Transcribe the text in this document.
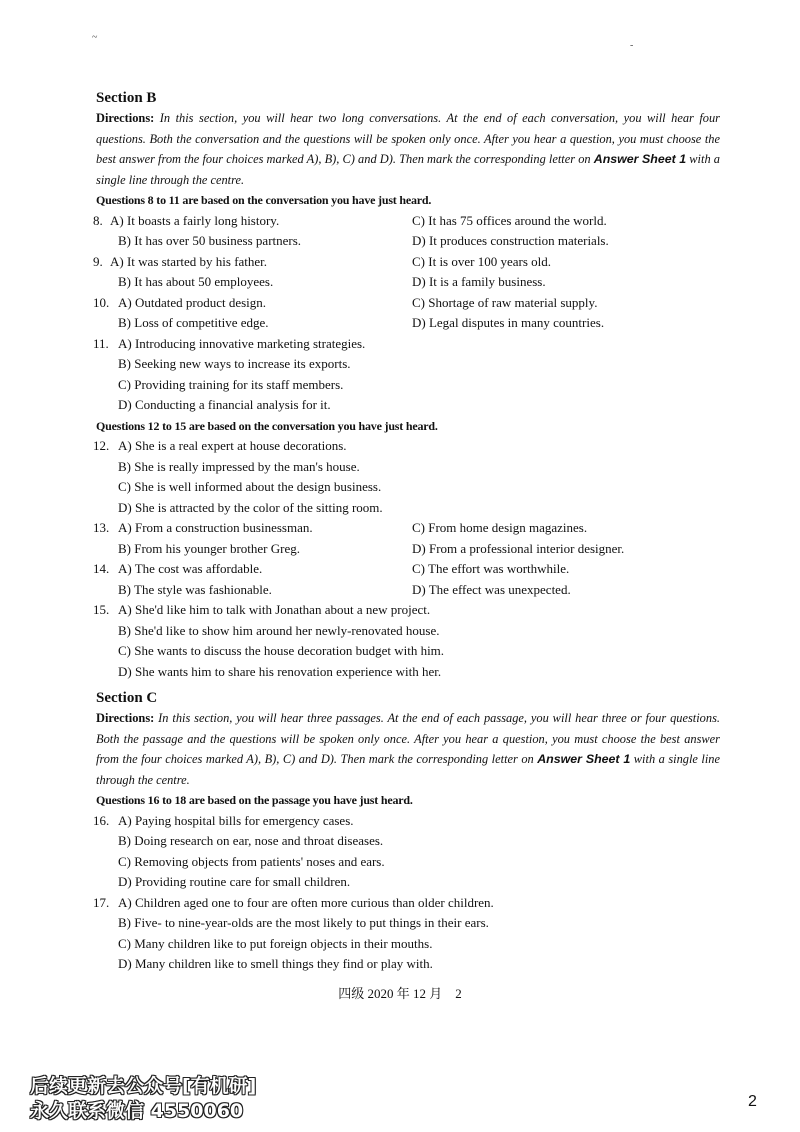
~
-

Section B

Directions: In this section, you will hear two long conversations. At the end of each conversation, you will hear four questions. Both the conversation and the questions will be spoken only once. After you hear a question, you must choose the best answer from the four choices marked A), B), C) and D). Then mark the corresponding letter on Answer Sheet 1 with a single line through the centre.

Questions 8 to 11 are based on the conversation you have just heard.

8. A) It boasts a fairly long history.	C) It has 75 offices around the world.
B) It has over 50 business partners.	D) It produces construction materials.
9. A) It was started by his father.	C) It is over 100 years old.
B) It has about 50 employees.	D) It is a family business.
10. A) Outdated product design.	C) Shortage of raw material supply.
B) Loss of competitive edge.	D) Legal disputes in many countries.
11. A) Introducing innovative marketing strategies.
B) Seeking new ways to increase its exports.
C) Providing training for its staff members.
D) Conducting a financial analysis for it.

Questions 12 to 15 are based on the conversation you have just heard.

12. A) She is a real expert at house decorations.
B) She is really impressed by the man's house.
C) She is well informed about the design business.
D) She is attracted by the color of the sitting room.
13. A) From a construction businessman.	C) From home design magazines.
B) From his younger brother Greg.	D) From a professional interior designer.
14. A) The cost was affordable.	C) The effort was worthwhile.
B) The style was fashionable.	D) The effect was unexpected.
15. A) She'd like him to talk with Jonathan about a new project.
B) She'd like to show him around her newly-renovated house.
C) She wants to discuss the house decoration budget with him.
D) She wants him to share his renovation experience with her.

Section C

Directions: In this section, you will hear three passages. At the end of each passage, you will hear three or four questions. Both the passage and the questions will be spoken only once. After you hear a question, you must choose the best answer from the four choices marked A), B), C) and D). Then mark the corresponding letter on Answer Sheet 1 with a single line through the centre.

Questions 16 to 18 are based on the passage you have just heard.

16. A) Paying hospital bills for emergency cases.
B) Doing research on ear, nose and throat diseases.
C) Removing objects from patients' noses and ears.
D) Providing routine care for small children.
17. A) Children aged one to four are often more curious than older children.
B) Five- to nine-year-olds are the most likely to put things in their ears.
C) Many children like to put foreign objects in their mouths.
D) Many children like to smell things they find or play with.
四级 2020 年 12 月　2
后续更新去公众号[有机研]
永久联系微信 4550060	2
